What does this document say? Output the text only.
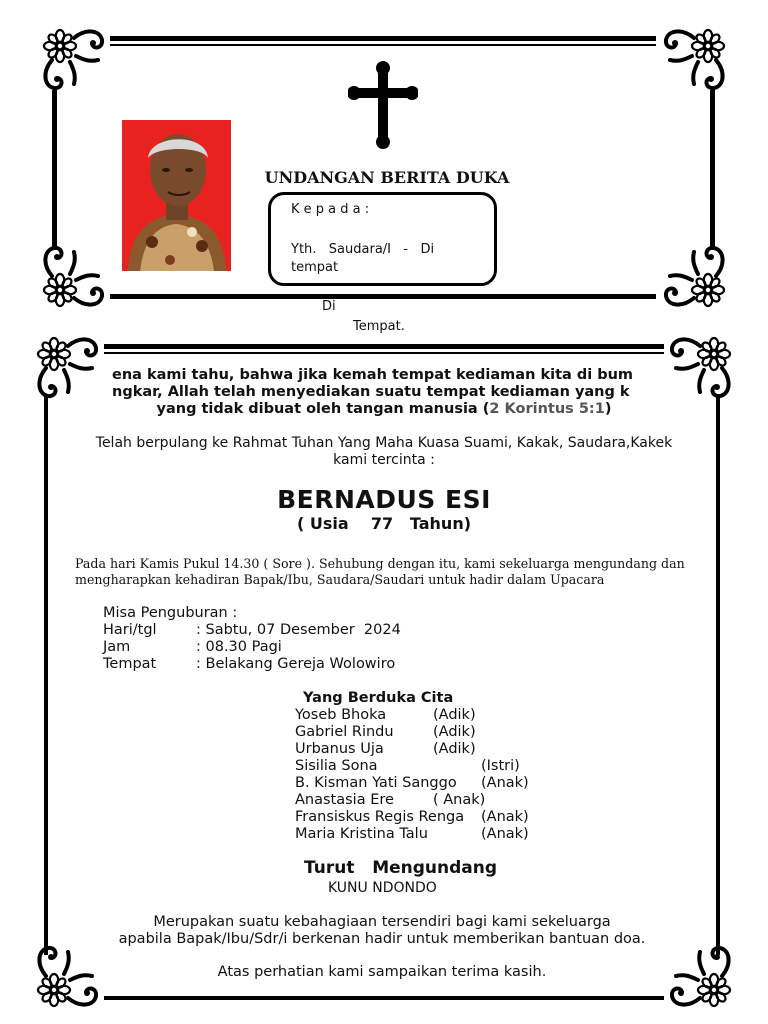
UNDANGAN BERITA DUKA
K e p a d a :
Yth.   Saudara/I   -   Di
tempat
Di
Tempat.
ena kami tahu, bahwa jika kemah tempat kediaman kita di bum
ngkar, Allah telah menyediakan suatu tempat kediaman yang k
yang tidak dibuat oleh tangan manusia (2 Korintus 5:1)
Telah berpulang ke Rahmat Tuhan Yang Maha Kuasa Suami, Kakak, Saudara,Kakek
kami tercinta :
BERNADUS ESI
( Usia    77   Tahun)
Pada hari Kamis Pukul 14.30 ( Sore ). Sehubung dengan itu, kami sekeluarga mengundang dan
mengharapkan kehadiran Bapak/Ibu, Saudara/Saudari untuk hadir dalam Upacara
Misa Penguburan :
Hari/tgl	: Sabtu, 07 Desember  2024
Jam	: 08.30 Pagi
Tempat	: Belakang Gereja Wolowiro
Yang Berduka Cita
Yoseb Bhoka	(Adik)
Gabriel Rindu	(Adik)
Urbanus Uja	(Adik)
Sisilia Sona	(Istri)
B. Kisman Yati Sanggo (Anak)
Anastasia Ere	( Anak)
Fransiskus Regis Renga (Anak)
Maria Kristina Talu	(Anak)
Turut   Mengundang
KUNU NDONDO
Merupakan suatu kebahagiaan tersendiri bagi kami sekeluarga
apabila Bapak/Ibu/Sdr/i berkenan hadir untuk memberikan bantuan doa.
Atas perhatian kami sampaikan terima kasih.
